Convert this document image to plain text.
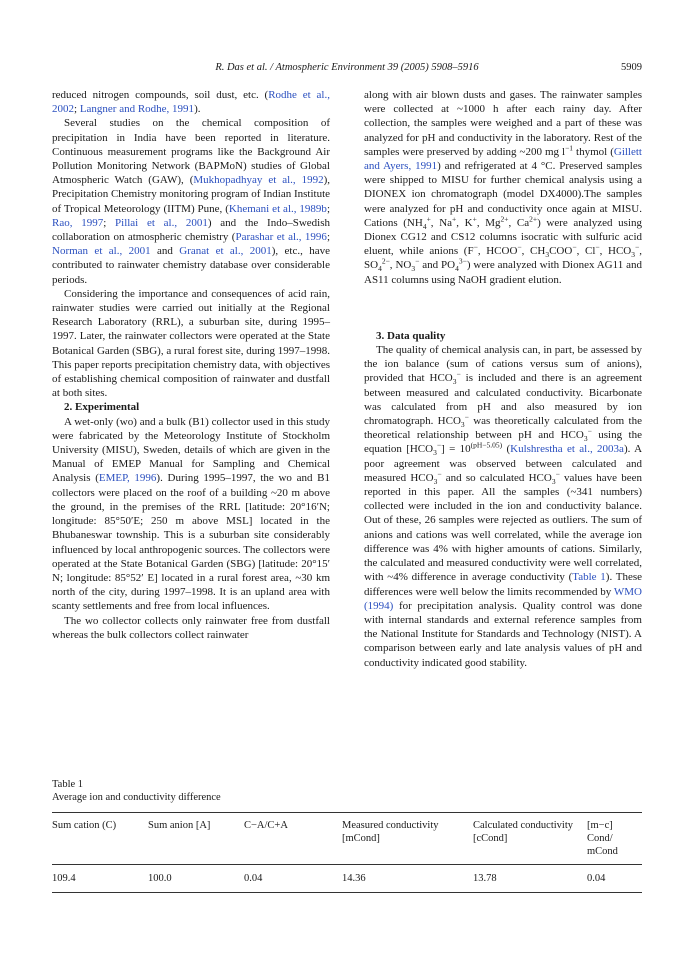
R. Das et al. / Atmospheric Environment 39 (2005) 5908–5916	5909

reduced nitrogen compounds, soil dust, etc. (Rodhe et al., 2002; Langner and Rodhe, 1991).

Several studies on the chemical composition of precipitation in India have been reported in literature. Continuous measurement programs like the Background Air Pollution Monitoring Network (BAPMoN) studies of Global Atmospheric Watch (GAW), (Mukhopadhyay et al., 1992), Precipitation Chemistry monitoring program of Indian Institute of Tropical Meteorology (IITM) Pune, (Khemani et al., 1989b; Rao, 1997; Pillai et al., 2001) and the Indo–Swedish collaboration on atmospheric chemistry (Parashar et al., 1996; Norman et al., 2001 and Granat et al., 2001), etc., have contributed to rainwater chemistry database over considerable periods.

Considering the importance and consequences of acid rain, rainwater studies were carried out initially at the Regional Research Laboratory (RRL), a suburban site, during 1995–1997. Later, the rainwater collectors were operated at the State Botanical Garden (SBG), a rural forest site, during 1997–1998. This paper reports precipitation chemistry data, with objectives of establishing chemical composition of rainwater and dustfall at both sites.

2. Experimental

A wet-only (wo) and a bulk (B1) collector used in this study were fabricated by the Meteorology Institute of Stockholm University (MISU), Sweden, details of which are given in the Manual of EMEP Manual for Sampling and Chemical Analysis (EMEP, 1996). During 1995–1997, the wo and B1 collectors were placed on the roof of a building ~20 m above the ground, in the premises of the RRL [latitude: 20°16′N; longitude: 85°50′E; 250 m above MSL] located in the Bhubaneswar township. This is a suburban site considerably influenced by local anthropogenic sources. The collectors were operated at the State Botanical Garden (SBG) [latitude: 20°15′ N; longitude: 85°52′ E] located in a rural forest area, ~30 km north of the city, during 1997–1998. It is an upland area with scanty settlements and free from local influences.

The wo collector collects only rainwater free from dustfall whereas the bulk collectors collect rainwater

along with air blown dusts and gases. The rainwater samples were collected at ~1000 h after each rainy day. After collection, the samples were weighed and a part of these was analyzed for pH and conductivity in the laboratory. Rest of the samples were preserved by adding ~200 mg $l^{-1}$ thymol (Gillett and Ayers, 1991) and refrigerated at 4 °C. Preserved samples were shipped to MISU for further chemical analysis using a DIONEX ion chromatograph (model DX4000).The samples were analyzed for pH and conductivity once again at MISU. Cations ($NH_4^+$, Na+, K+, $Mg^{2+}$, $Ca^{2+}$) were analyzed using Dionex CG12 and CS12 columns isocratic with sulfuric acid eluent, while anions (F−, HCOO−, $CH_3COO^-$, Cl−, $HCO_3^-$, $SO_4^{2-}$, $NO_3^-$ and $PO_4^{3-}$) were analyzed with Dionex AG11 and AS11 columns using NaOH gradient elution.

3. Data quality

The quality of chemical analysis can, in part, be assessed by the ion balance (sum of cations versus sum of anions), provided that $HCO_3^-$ is included and there is an agreement between measured and calculated conductivity. Bicarbonate was calculated from pH and also measured by ion chromatograph. $HCO_3^-$ was theoretically calculated from the theoretical relationship between pH and $HCO_3^-$ using the equation $[HCO_3^-] = 10^{(pH-5.05)}$ (Kulshrestha et al., 2003a). A poor agreement was observed between calculated and measured $HCO_3^-$ and so calculated $HCO_3^-$ values have been reported in this paper. All the samples (~341 numbers) collected were included in the ion and conductivity balance. Out of these, 26 samples were rejected as outliers. The sum of anions and cations was well correlated, while the average ion difference was 4% with higher amounts of cations. Similarly, the calculated and measured conductivity were well correlated, with ~4% difference in average conductivity (Table 1). These differences were well below the limits recommended by WMO (1994) for precipitation analysis. Quality control was done with internal standards and external reference samples from the National Institute for Standards and Technology (NIST). A comparison between early and late analysis values of pH and conductivity indicated good stability.

Table 1
Average ion and conductivity difference
Sum cation (C)	Sum anion [A]	C−A/C+A	Measured conductivity [mCond]	Calculated conductivity [cCond]	[m−c] Cond/ mCond
109.4	100.0	0.04	14.36	13.78	0.04
